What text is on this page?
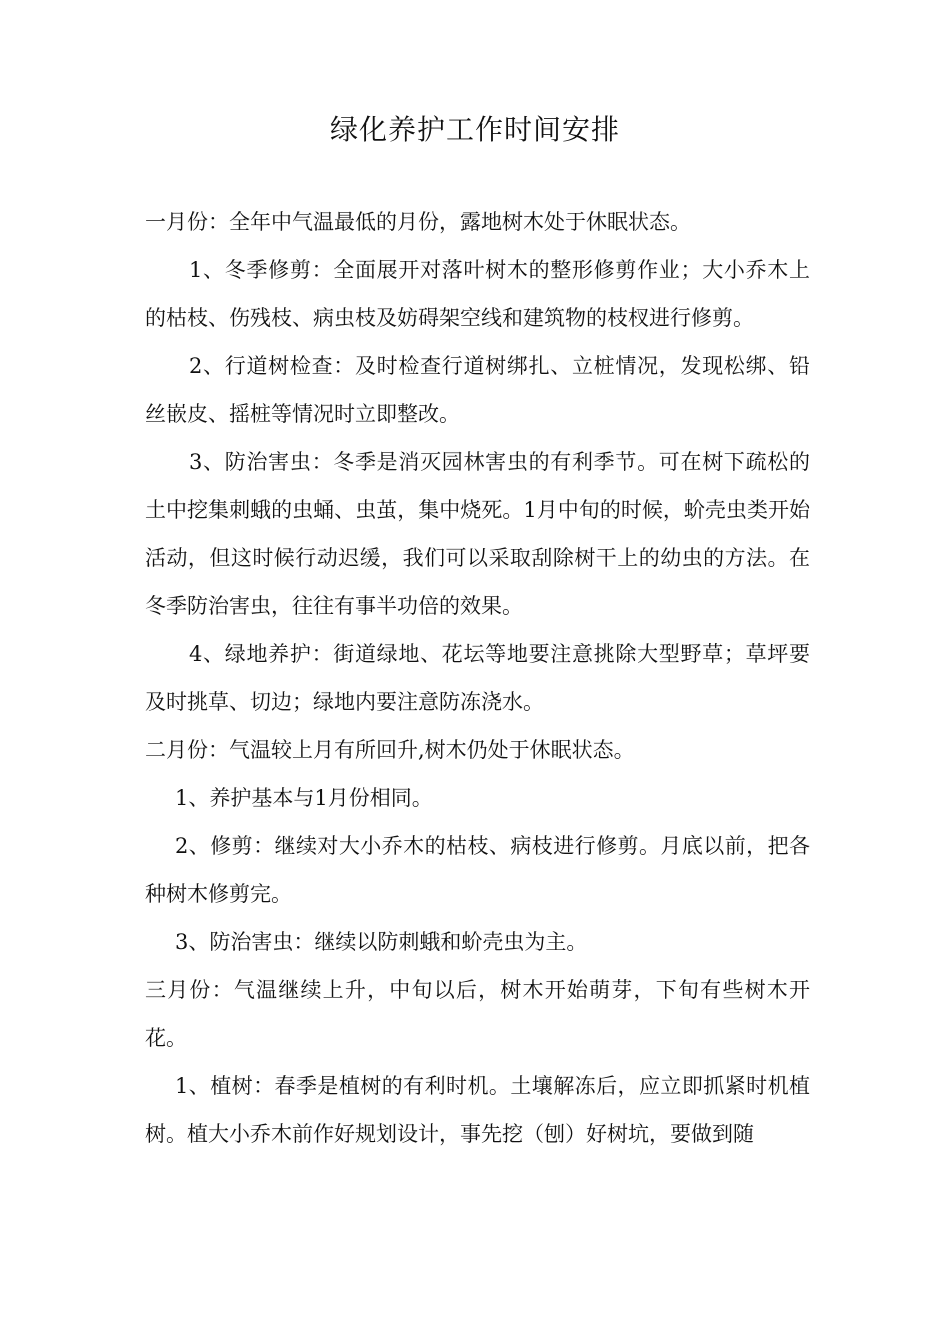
绿化养护工作时间安排

一月份：全年中气温最低的月份，露地树木处于休眠状态。

1、冬季修剪：全面展开对落叶树木的整形修剪作业；大小乔木上的枯枝、伤残枝、病虫枝及妨碍架空线和建筑物的枝杈进行修剪。

2、行道树检查：及时检查行道树绑扎、立桩情况，发现松绑、铅丝嵌皮、摇桩等情况时立即整改。

3、防治害虫：冬季是消灭园林害虫的有利季节。可在树下疏松的土中挖集刺蛾的虫蛹、虫茧，集中烧死。1月中旬的时候，蚧壳虫类开始活动，但这时候行动迟缓，我们可以采取刮除树干上的幼虫的方法。在冬季防治害虫，往往有事半功倍的效果。

4、绿地养护：街道绿地、花坛等地要注意挑除大型野草；草坪要及时挑草、切边；绿地内要注意防冻浇水。

二月份：气温较上月有所回升,树木仍处于休眠状态。

1、养护基本与1月份相同。

2、修剪：继续对大小乔木的枯枝、病枝进行修剪。月底以前，把各种树木修剪完。

3、防治害虫：继续以防刺蛾和蚧壳虫为主。

三月份：气温继续上升，中旬以后，树木开始萌芽，下旬有些树木开花。

1、植树：春季是植树的有利时机。土壤解冻后，应立即抓紧时机植树。植大小乔木前作好规划设计，事先挖（刨）好树坑，要做到随
